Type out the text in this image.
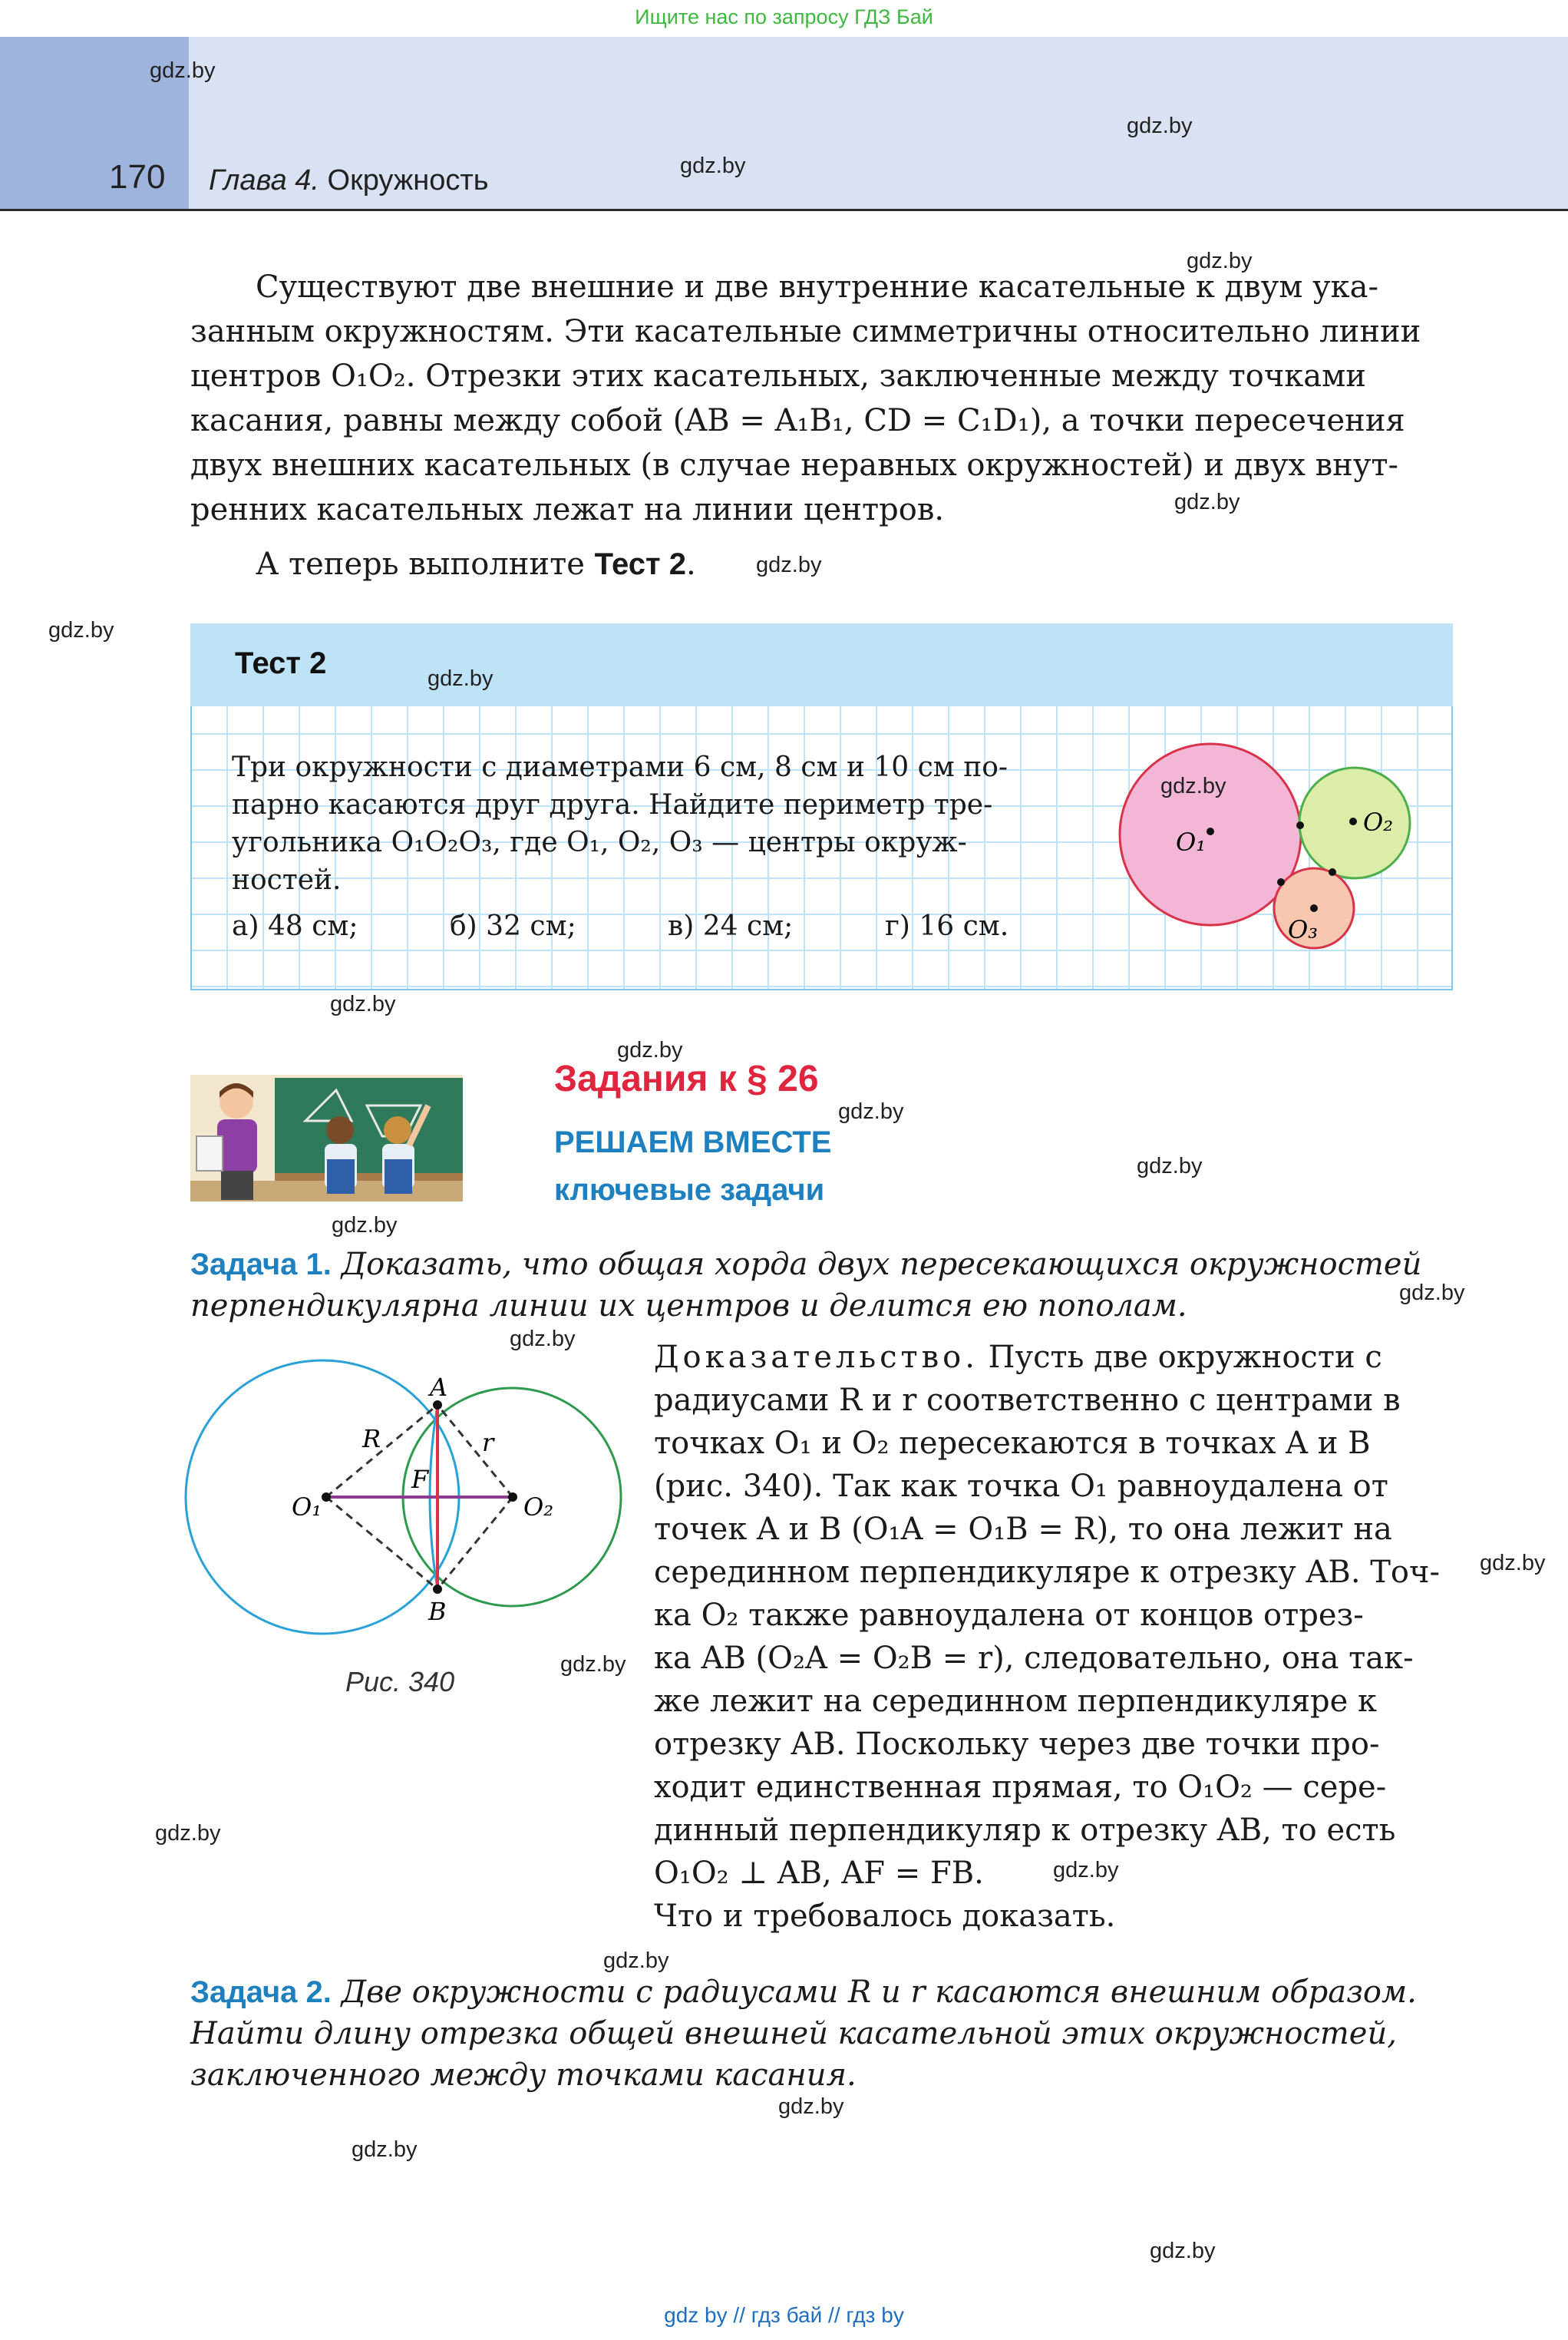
Ищите нас по запросу ГДЗ Бай
170 Глава 4. Окружность

Существуют две внешние и две внутренние касательные к двум ука-

занным окружностям. Эти касательные симметричны относительно линии

центров O₁O₂. Отрезки этих касательных, заключенные между точками

касания, равны между собой (AB = A₁B₁, CD = C₁D₁), а точки пересечения

двух внешних касательных (в случае неравных окружностей) и двух внут-

ренних касательных лежат на линии центров.

А теперь выполните Тест 2.
Тест 2
Три окружности с диаметрами 6 см, 8 см и 10 см по-
парно касаются друг друга. Найдите периметр тре-
угольника O₁O₂O₃, где O₁, O₂, O₃ — центры окруж-
ностей.
а) 48 см;	б) 32 см;	в) 24 см;	г) 16 см.
O₁
O₂
O₃
Задания к § 26
РЕШАЕМ ВМЕСТЕ
ключевые задачи
Задача 1. Доказать, что общая хорда двух пересекающихся окружностей
перпендикулярна линии их центров и делится ею пополам.
A
B
F
R	r
O₁	O₂
Рис. 340
Доказательство. Пусть две окружности с
радиусами R и r соответственно с центрами в
точках O₁ и O₂ пересекаются в точках A и B
(рис. 340). Так как точка O₁ равноудалена от
точек A и B (O₁A = O₁B = R), то она лежит на
серединном перпендикуляре к отрезку AB. Точ-
ка O₂ также равноудалена от концов отрез-
ка AB (O₂A = O₂B = r), следовательно, она так-
же лежит на серединном перпендикуляре к
отрезку AB. Поскольку через две точки про-
ходит единственная прямая, то O₁O₂ — сере-
динный перпендикуляр к отрезку AB, то есть
O₁O₂ ⊥ AB, AF = FB.
Что и требовалось доказать.
Задача 2. Две окружности с радиусами R и r касаются внешним образом.
Найти длину отрезка общей внешней касательной этих окружностей,
заключенного между точками касания.
gdz.by
gdz.by
gdz.by
gdz.by
gdz.by
gdz.by
gdz.by
gdz.by
gdz.by
gdz.by
gdz.by
gdz.by
gdz.by
gdz.by
gdz.by
gdz.by
gdz.by
gdz.by
gdz.by
gdz.by
gdz.by
gdz.by
gdz.by
gdz.by
gdz by // гдз бай // гдз by
